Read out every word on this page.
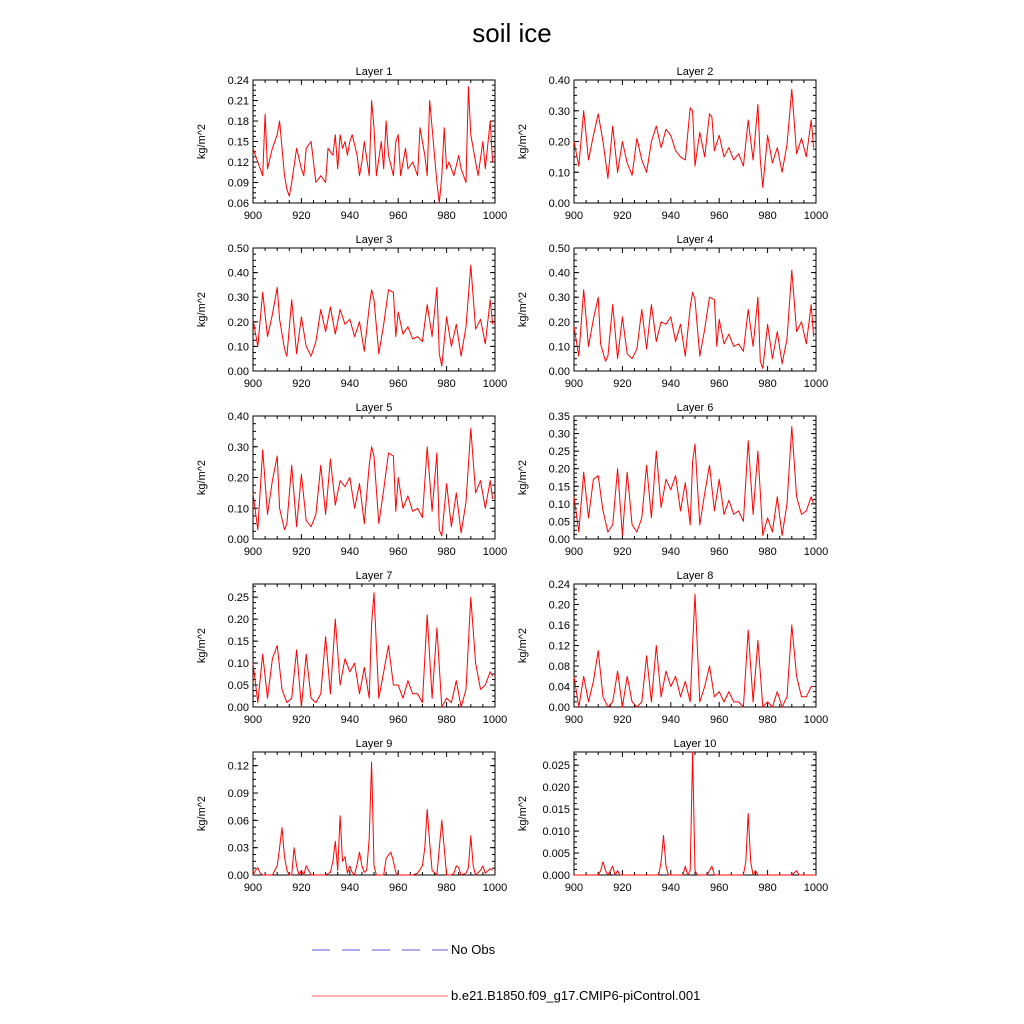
soil ice
Layer 1
kg/m^2
900	920	940	960	980 1000
0.06
0.09
0.12
0.15
0.18
0.21
0.24
Layer 2
kg/m^2
900	920	940	960	980 1000
0.00
0.10
0.20
0.30
0.40
Layer 3
kg/m^2
900	920	940	960	980 1000
0.00
0.10
0.20
0.30
0.40
0.50
Layer 4
kg/m^2
900	920	940	960	980 1000
0.00
0.10
0.20
0.30
0.40
0.50
Layer 5
kg/m^2
900	920	940	960	980 1000
0.00
0.10
0.20
0.30
0.40
Layer 6
kg/m^2
900	920	940	960	980 1000
0.00
0.05
0.10
0.15
0.20
0.25
0.30
0.35
Layer 7
kg/m^2
900	920	940	960	980 1000
0.00
0.05
0.10
0.15
0.20
0.25
Layer 8
kg/m^2
900	920	940	960	980 1000
0.00
0.04
0.08
0.12
0.16
0.20
0.24
Layer 9
kg/m^2
900	920	940	960	980 1000
0.00
0.03
0.06
0.09
0.12
Layer 10
kg/m^2
900	920	940	960	980 1000
0.000
0.005
0.010
0.015
0.020
0.025
No Obs
b.e21.B1850.f09_g17.CMIP6-piControl.001
